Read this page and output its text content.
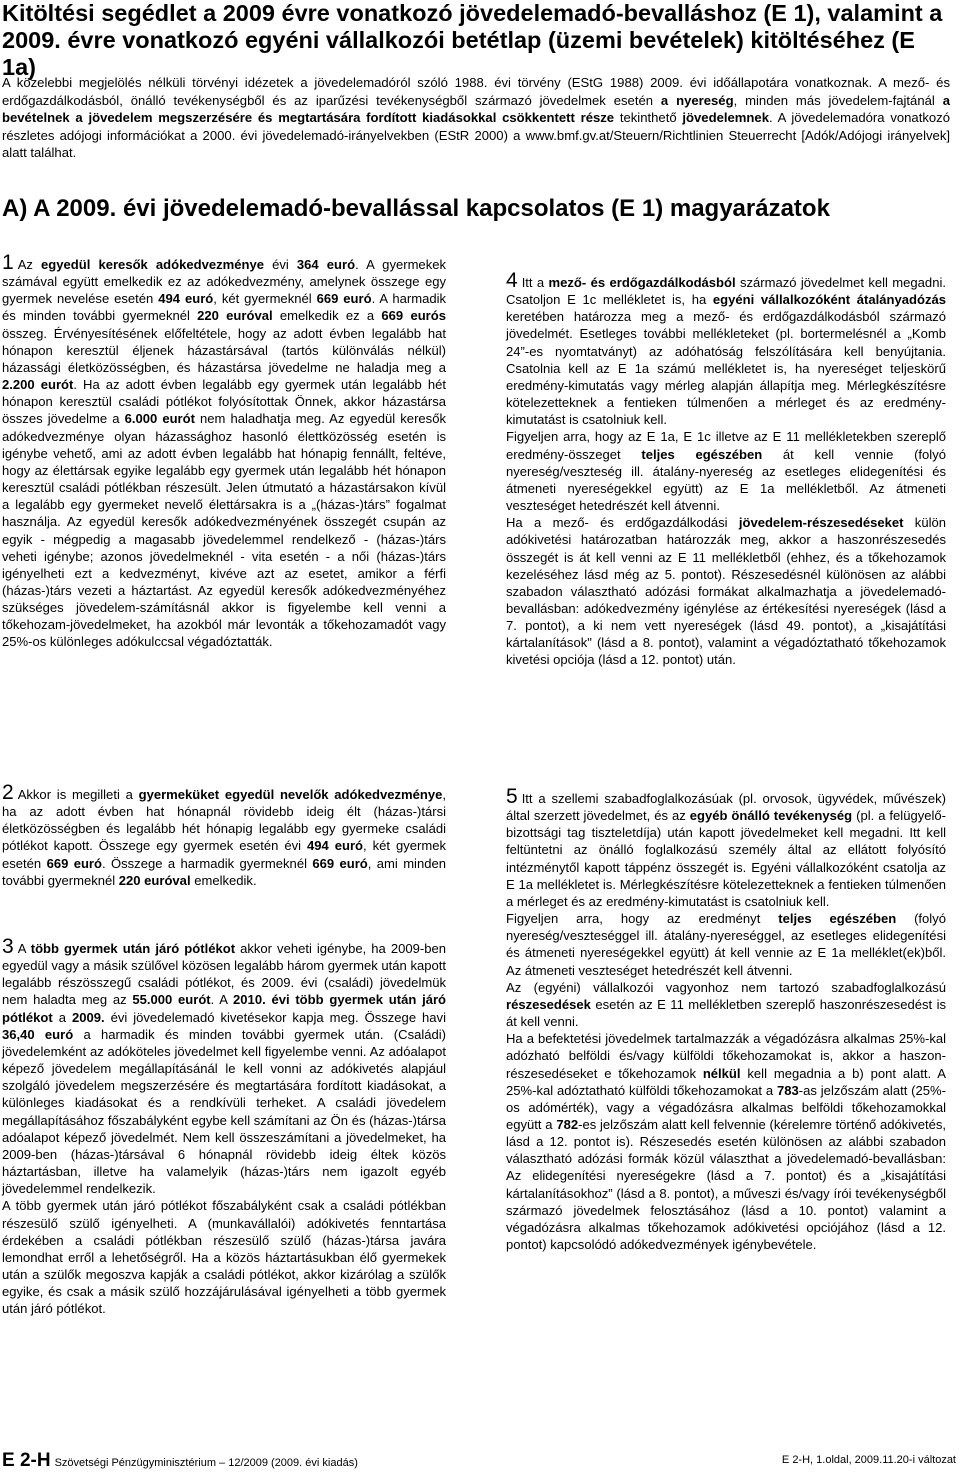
Kitöltési segédlet a 2009 évre vonatkozó jövedelemadó-bevalláshoz (E 1), valamint a 2009. évre vonatkozó egyéni vállalkozói betétlap (üzemi bevételek) kitöltéséhez (E 1a)
A közelebbi megjelölés nélküli törvényi idézetek a jövedelemadóról szóló 1988. évi törvény (EStG 1988) 2009. évi időállapotára vonatkoznak. A mező- és erdőgazdálkodásból, önálló tevékenységből és az iparűzési tevékenységből származó jövedelmek esetén a nyereség, minden más jövedelem-fajtánál a bevételnek a jövedelem megszerzésére és megtartására fordított kiadásokkal csökkentett része tekinthető jövedelemnek. A jövedelemadóra vonatkozó részletes adójogi információkat a 2000. évi jövedelemadó-irányelvekben (EStR 2000) a www.bmf.gv.at/Steuern/Richtlinien Steuerrecht [Adók/Adójogi irányelvek] alatt találhat.
A) A 2009. évi jövedelemadó-bevallással kapcsolatos (E 1) magyarázatok

1 Az egyedül keresők adókedvezménye évi 364 euró. A gyermekek számával együtt emelkedik ez az adókedvezmény, amelynek összege egy gyermek nevelése esetén 494 euró, két gyermeknél 669 euró. A harmadik és minden további gyermeknél 220 euróval emelkedik ez a 669 eurós összeg. Érvényesítésének előfeltétele, hogy az adott évben legalább hat hónapon keresztül éljenek házastársával (tartós különválás nélkül) házassági életközösségben, és házastársa jövedelme ne haladja meg a 2.200 eurót. Ha az adott évben legalább egy gyermek után legalább hét hónapon keresztül családi pótlékot folyósítottak Önnek, akkor házastársa összes jövedelme a 6.000 eurót nem haladhatja meg. Az egyedül keresők adókedvezménye olyan házassághoz hasonló élettközösség esetén is igénybe vehető, ami az adott évben legalább hat hónapig fennállt, feltéve, hogy az élettársak egyike legalább egy gyermek után legalább hét hónapon keresztül családi pótlékban részesült. Jelen útmutató a házastársakon kívül a legalább egy gyermeket nevelő élettársakra is a „(házas-)társ” fogalmat használja. Az egyedül keresők adókedvezményének összegét csupán az egyik - mégpedig a magasabb jövedelemmel rendelkező - (házas-)társ veheti igénybe; azonos jövedelmeknél - vita esetén - a női (házas-)társ igényelheti ezt a kedvezményt, kivéve azt az esetet, amikor a férfi (házas-)társ vezeti a háztartást. Az egyedül keresők adókedvezményéhez szükséges jövedelem-számításnál akkor is figyelembe kell venni a tőkehozam-jövedelmeket, ha azokból már levonták a tőkehozamadót vagy 25%-os különleges adókulccsal végadóztatták.

2 Akkor is megilleti a gyermeküket egyedül nevelők adókedvezménye, ha az adott évben hat hónapnál rövidebb ideig élt (házas-)társi életközösségben és legalább hét hónapig legalább egy gyermeke családi pótlékot kapott. Összege egy gyermek esetén évi 494 euró, két gyermek esetén 669 euró. Összege a harmadik gyermeknél 669 euró, ami minden további gyermeknél 220 euróval emelkedik.

3 A több gyermek után járó pótlékot akkor veheti igénybe, ha 2009-ben egyedül vagy a másik szülővel közösen legalább három gyermek után kapott legalább részösszegű családi pótlékot, és 2009. évi (családi) jövedelmük nem haladta meg az 55.000 eurót. A 2010. évi több gyermek után járó pótlékot a 2009. évi jövedelemadó kivetésekor kapja meg. Összege havi 36,40 euró a harmadik és minden további gyermek után. (Családi) jövedelemként az adóköteles jövedelmet kell figyelembe venni. Az adóalapot képező jövedelem megállapításánál le kell vonni az adókivetés alapjául szolgáló jövedelem megszerzésére és megtartására fordított kiadásokat, a különleges kiadásokat és a rendkívüli terheket. A családi jövedelem megállapításához főszabályként egybe kell számítani az Ön és (házas-)társa adóalapot képező jövedelmét. Nem kell összeszámítani a jövedelmeket, ha 2009-ben (házas-)társával 6 hónapnál rövidebb ideig éltek közös háztartásban, illetve ha valamelyik (házas-)társ nem igazolt egyéb jövedelemmel rendelkezik.

A több gyermek után járó pótlékot főszabályként csak a családi pótlékban részesülő szülő igényelheti. A (munkavállalói) adókivetés fenntartása érdekében a családi pótlékban részesülő szülő (házas-)társa javára lemondhat erről a lehetőségről. Ha a közös háztartásukban élő gyermekek után a szülők megoszva kapják a családi pótlékot, akkor kizárólag a szülők egyike, és csak a másik szülő hozzájárulásával igényelheti a több gyermek után járó pótlékot.

4 Itt a mező- és erdőgazdálkodásból származó jövedelmet kell megadni. Csatoljon E 1c mellékletet is, ha egyéni vállalkozóként átalányadózás keretében határozza meg a mező- és erdőgazdálkodásból származó jövedelmét. Esetleges további mellékleteket (pl. bortermelésnél a „Komb 24”-es nyomtatványt) az adóhatóság felszólítására kell benyújtania. Csatolnia kell az E 1a számú mellékletet is, ha nyereséget teljeskörű eredmény-kimutatás vagy mérleg alapján állapítja meg. Mérlegkészítésre kötelezetteknek a fentieken túlmenően a mérleget és az eredmény-kimutatást is csatolniuk kell.

Figyeljen arra, hogy az E 1a, E 1c illetve az E 11 mellékletekben szereplő eredmény-összeget teljes egészében át kell vennie (folyó nyereség/veszteség ill. átalány-nyereség az esetleges elidegenítési és átmeneti nyereségekkel együtt) az E 1a mellékletből. Az átmeneti veszteséget hetedrészét kell átvenni.

Ha a mező- és erdőgazdálkodási jövedelem-részesedéseket külön adókivetési határozatban határozzák meg, akkor a haszonrészesedés összegét is át kell venni az E 11 mellékletből (ehhez, és a tőkehozamok kezeléséhez lásd még az 5. pontot). Részesedésnél különösen az alábbi szabadon választható adózási formákat alkalmazhatja a jövedelemadó-bevallásban: adókedvezmény igénylése az értékesítési nyereségek (lásd a 7. pontot), a ki nem vett nyereségek (lásd 49. pontot), a „kisajátítási kártalanítások" (lásd a 8. pontot), valamint a végadóztatható tőkehozamok kivetési opciója (lásd a 12. pontot) után.

5 Itt a szellemi szabadfoglalkozásúak (pl. orvosok, ügyvédek, művészek) által szerzett jövedelmet, és az egyéb önálló tevékenység (pl. a felügyelő-bizottsági tag tiszteletdíja) után kapott jövedelmeket kell megadni. Itt kell feltüntetni az önálló foglalkozású személy által az ellátott folyósító intézménytől kapott táppénz összegét is. Egyéni vállalkozóként csatolja az E 1a mellékletet is. Mérlegkészítésre kötelezetteknek a fentieken túlmenően a mérleget és az eredmény-kimutatást is csatolniuk kell.

Figyeljen arra, hogy az eredményt teljes egészében (folyó nyereség/veszteséggel ill. átalány-nyereséggel, az esetleges elidegenítési és átmeneti nyereségekkel együtt) át kell vennie az E 1a melléklet(ek)ből. Az átmeneti veszteséget hetedrészét kell átvenni.

Az (egyéni) vállalkozói vagyonhoz nem tartozó szabadfoglalkozású részesedések esetén az E 11 mellékletben szereplő haszonrészesedést is át kell venni.

Ha a befektetési jövedelmek tartalmazzák a végadózásra alkalmas 25%-kal adózható belföldi és/vagy külföldi tőkehozamokat is, akkor a haszon-részesedéseket e tőkehozamok nélkül kell megadnia a b) pont alatt. A 25%-kal adóztatható külföldi tőkehozamokat a 783-as jelzőszám alatt (25%-os adómérték), vagy a végadózásra alkalmas belföldi tőkehozamokkal együtt a 782-es jelzőszám alatt kell felvennie (kérelemre történő adókivetés, lásd a 12. pontot is). Részesedés esetén különösen az alábbi szabadon választható adózási formák közül választhat a jövedelemadó-bevallásban: Az elidegenítési nyereségekre (lásd a 7. pontot) és a „kisajátítási kártalanításokhoz” (lásd a 8. pontot), a műveszi és/vagy írói tevékenységből származó jövedelmek felosztásához (lásd a 10. pontot) valamint a végadózásra alkalmas tőkehozamok adókivetési opciójához (lásd a 12. pontot) kapcsolódó adókedvezmények igénybevétele.

E 2-H Szövetségi Pénzügyminisztérium – 12/2009 (2009. évi kiadás)	E 2-H, 1.oldal, 2009.11.20-i változat
